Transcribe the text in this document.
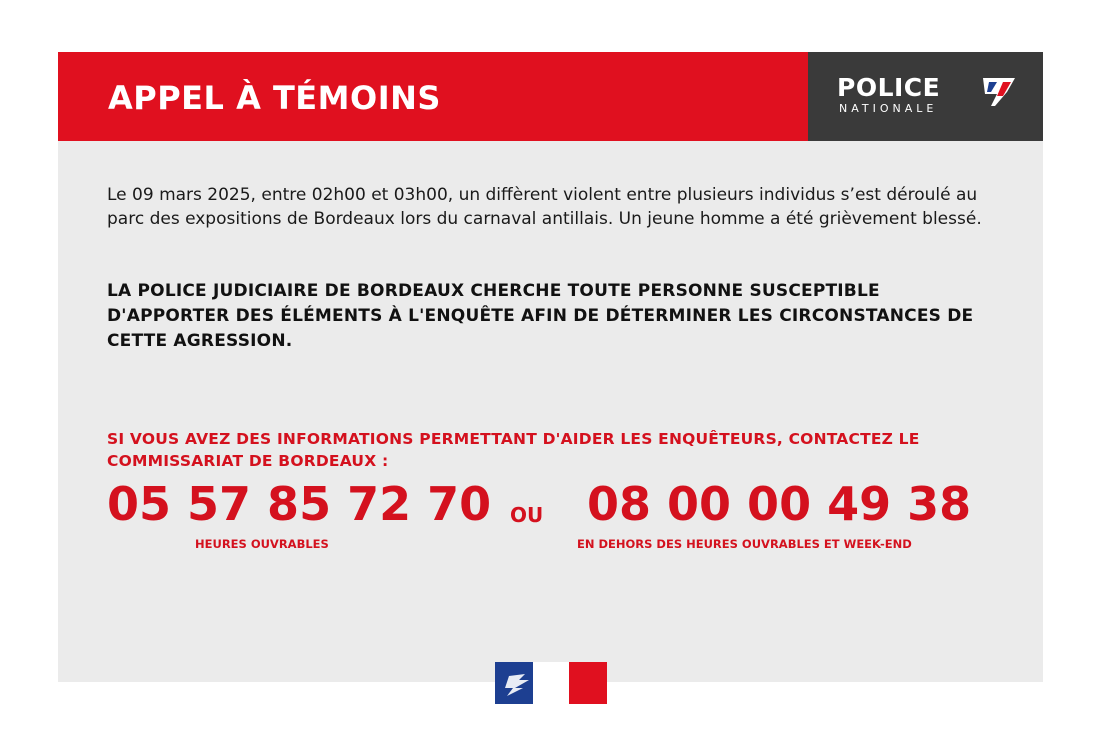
APPEL À TÉMOINS	POLICE
NATIONALE
Le 09 mars 2025, entre 02h00 et 03h00, un diffèrent violent entre plusieurs individus s’est déroulé au parc des expositions de Bordeaux lors du carnaval antillais. Un jeune homme a été grièvement blessé.
LA POLICE JUDICIAIRE DE BORDEAUX CHERCHE TOUTE PERSONNE SUSCEPTIBLE D'APPORTER DES ÉLÉMENTS À L'ENQUÊTE AFIN DE DÉTERMINER LES CIRCONSTANCES DE CETTE AGRESSION.
SI VOUS AVEZ DES INFORMATIONS PERMETTANT D'AIDER LES ENQUÊTEURS, CONTACTEZ LE COMMISSARIAT DE BORDEAUX :
05 57 85 72 70 OU 08 00 00 49 38
HEURES OUVRABLES	EN DEHORS DES HEURES OUVRABLES ET WEEK-END
